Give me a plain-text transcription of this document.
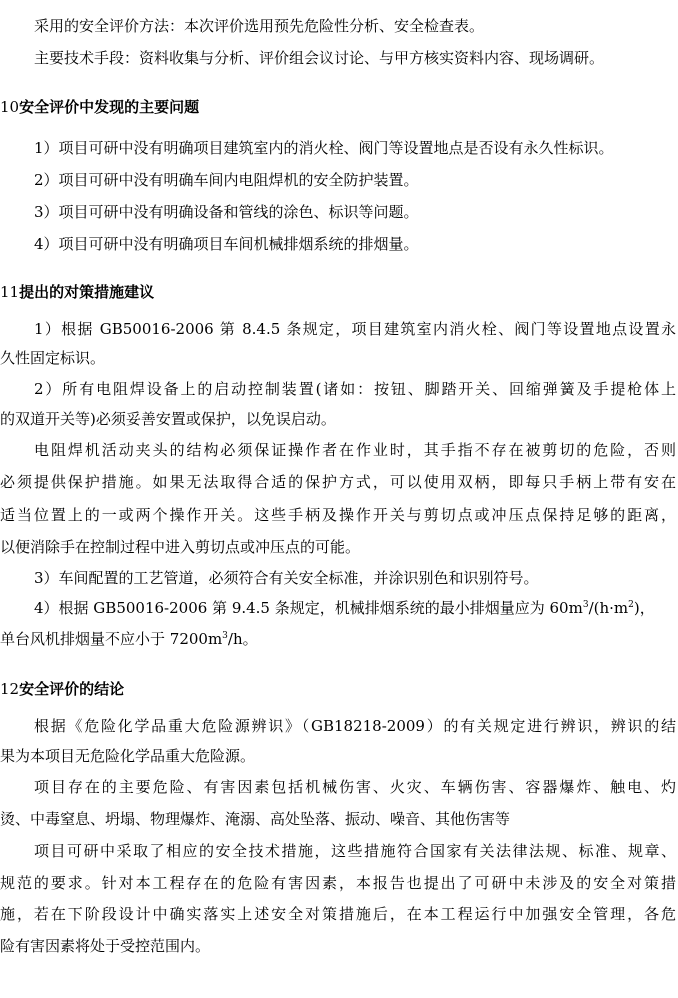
采用的安全评价方法：本次评价选用预先危险性分析、安全检查表。
主要技术手段：资料收集与分析、评价组会议讨论、与甲方核实资料内容、现场调研。
10安全评价中发现的主要问题
1）项目可研中没有明确项目建筑室内的消火栓、阀门等设置地点是否设有永久性标识。
2）项目可研中没有明确车间内电阻焊机的安全防护装置。
3）项目可研中没有明确设备和管线的涂色、标识等问题。
4）项目可研中没有明确项目车间机械排烟系统的排烟量。
11提出的对策措施建议
1）根据 GB50016-2006 第 8.4.5 条规定，项目建筑室内消火栓、阀门等设置地点设置永
久性固定标识。
2）所有电阻焊设备上的启动控制装置(诸如：按钮、脚踏开关、回缩弹簧及手提枪体上
的双道开关等)必须妥善安置或保护，以免误启动。
电阻焊机活动夹头的结构必须保证操作者在作业时，其手指不存在被剪切的危险，否则
必须提供保护措施。如果无法取得合适的保护方式，可以使用双柄，即每只手柄上带有安在
适当位置上的一或两个操作开关。这些手柄及操作开关与剪切点或冲压点保持足够的距离，
以便消除手在控制过程中进入剪切点或冲压点的可能。
3）车间配置的工艺管道，必须符合有关安全标准，并涂识别色和识别符号。
4）根据 GB50016-2006 第 9.4.5 条规定，机械排烟系统的最小排烟量应为 $60m^3/(h\cdot m^2)$，
单台风机排烟量不应小于 $7200m^3/h$。
12安全评价的结论
根据《危险化学品重大危险源辨识》（GB18218-2009）的有关规定进行辨识，辨识的结
果为本项目无危险化学品重大危险源。
项目存在的主要危险、有害因素包括机械伤害、火灾、车辆伤害、容器爆炸、触电、灼
烫、中毒窒息、坍塌、物理爆炸、淹溺、高处坠落、振动、噪音、其他伤害等
项目可研中采取了相应的安全技术措施，这些措施符合国家有关法律法规、标准、规章、
规范的要求。针对本工程存在的危险有害因素，本报告也提出了可研中未涉及的安全对策措
施，若在下阶段设计中确实落实上述安全对策措施后，在本工程运行中加强安全管理，各危
险有害因素将处于受控范围内。
